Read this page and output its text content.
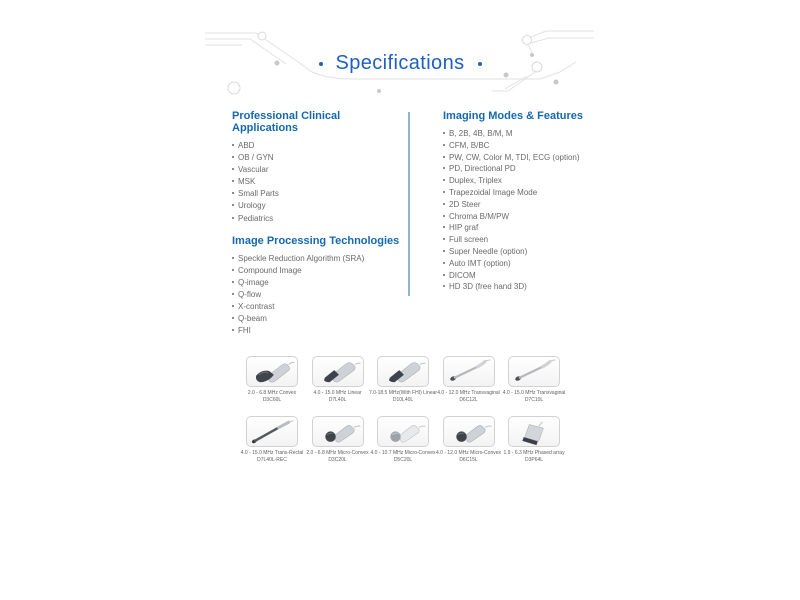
Specifications
Professional Clinical Applications
ABD
OB / GYN
Vascular
MSK
Small Parts
Urology
Pediatrics
Image Processing Technologies
Speckle Reduction Algorithm (SRA)
Compound Image
Q-image
Q-flow
X-contrast
Q-beam
FHI
Imaging Modes & Features
B, 2B, 4B, B/M, M
CFM, B/BC
PW, CW, Color M, TDI, ECG (option)
PD, Directional PD
Duplex, Triplex
Trapezoidal Image Mode
2D Steer
Chroma B/M/PW
HIP graf
Full screen
Super Needle (option)
Auto IMT (option)
DICOM
HD 3D (free hand 3D)
2.0 - 6.8 MHz Convex
D3C60L
4.0 - 15.0 MHz Linear
D7L40L
7.0-18.5 MHz(With FHI) Linear
D10L40L
4.0 - 12.0 MHz Transvaginal
D6C12L
4.0 - 15.0 MHz Transvaginal
D7C10L
4.0 - 15.0 MHz Trans-Rectal
D7L40L-REC
2.0 - 6.8 MHz Micro-Convex
D3C20L
4.0 - 10.7 MHz Micro-Convex
D5C20L
4.0 - 12.0 MHz Micro-Convex
D6C15L
1.9 - 6.3 MHz Phased array
D3P64L
